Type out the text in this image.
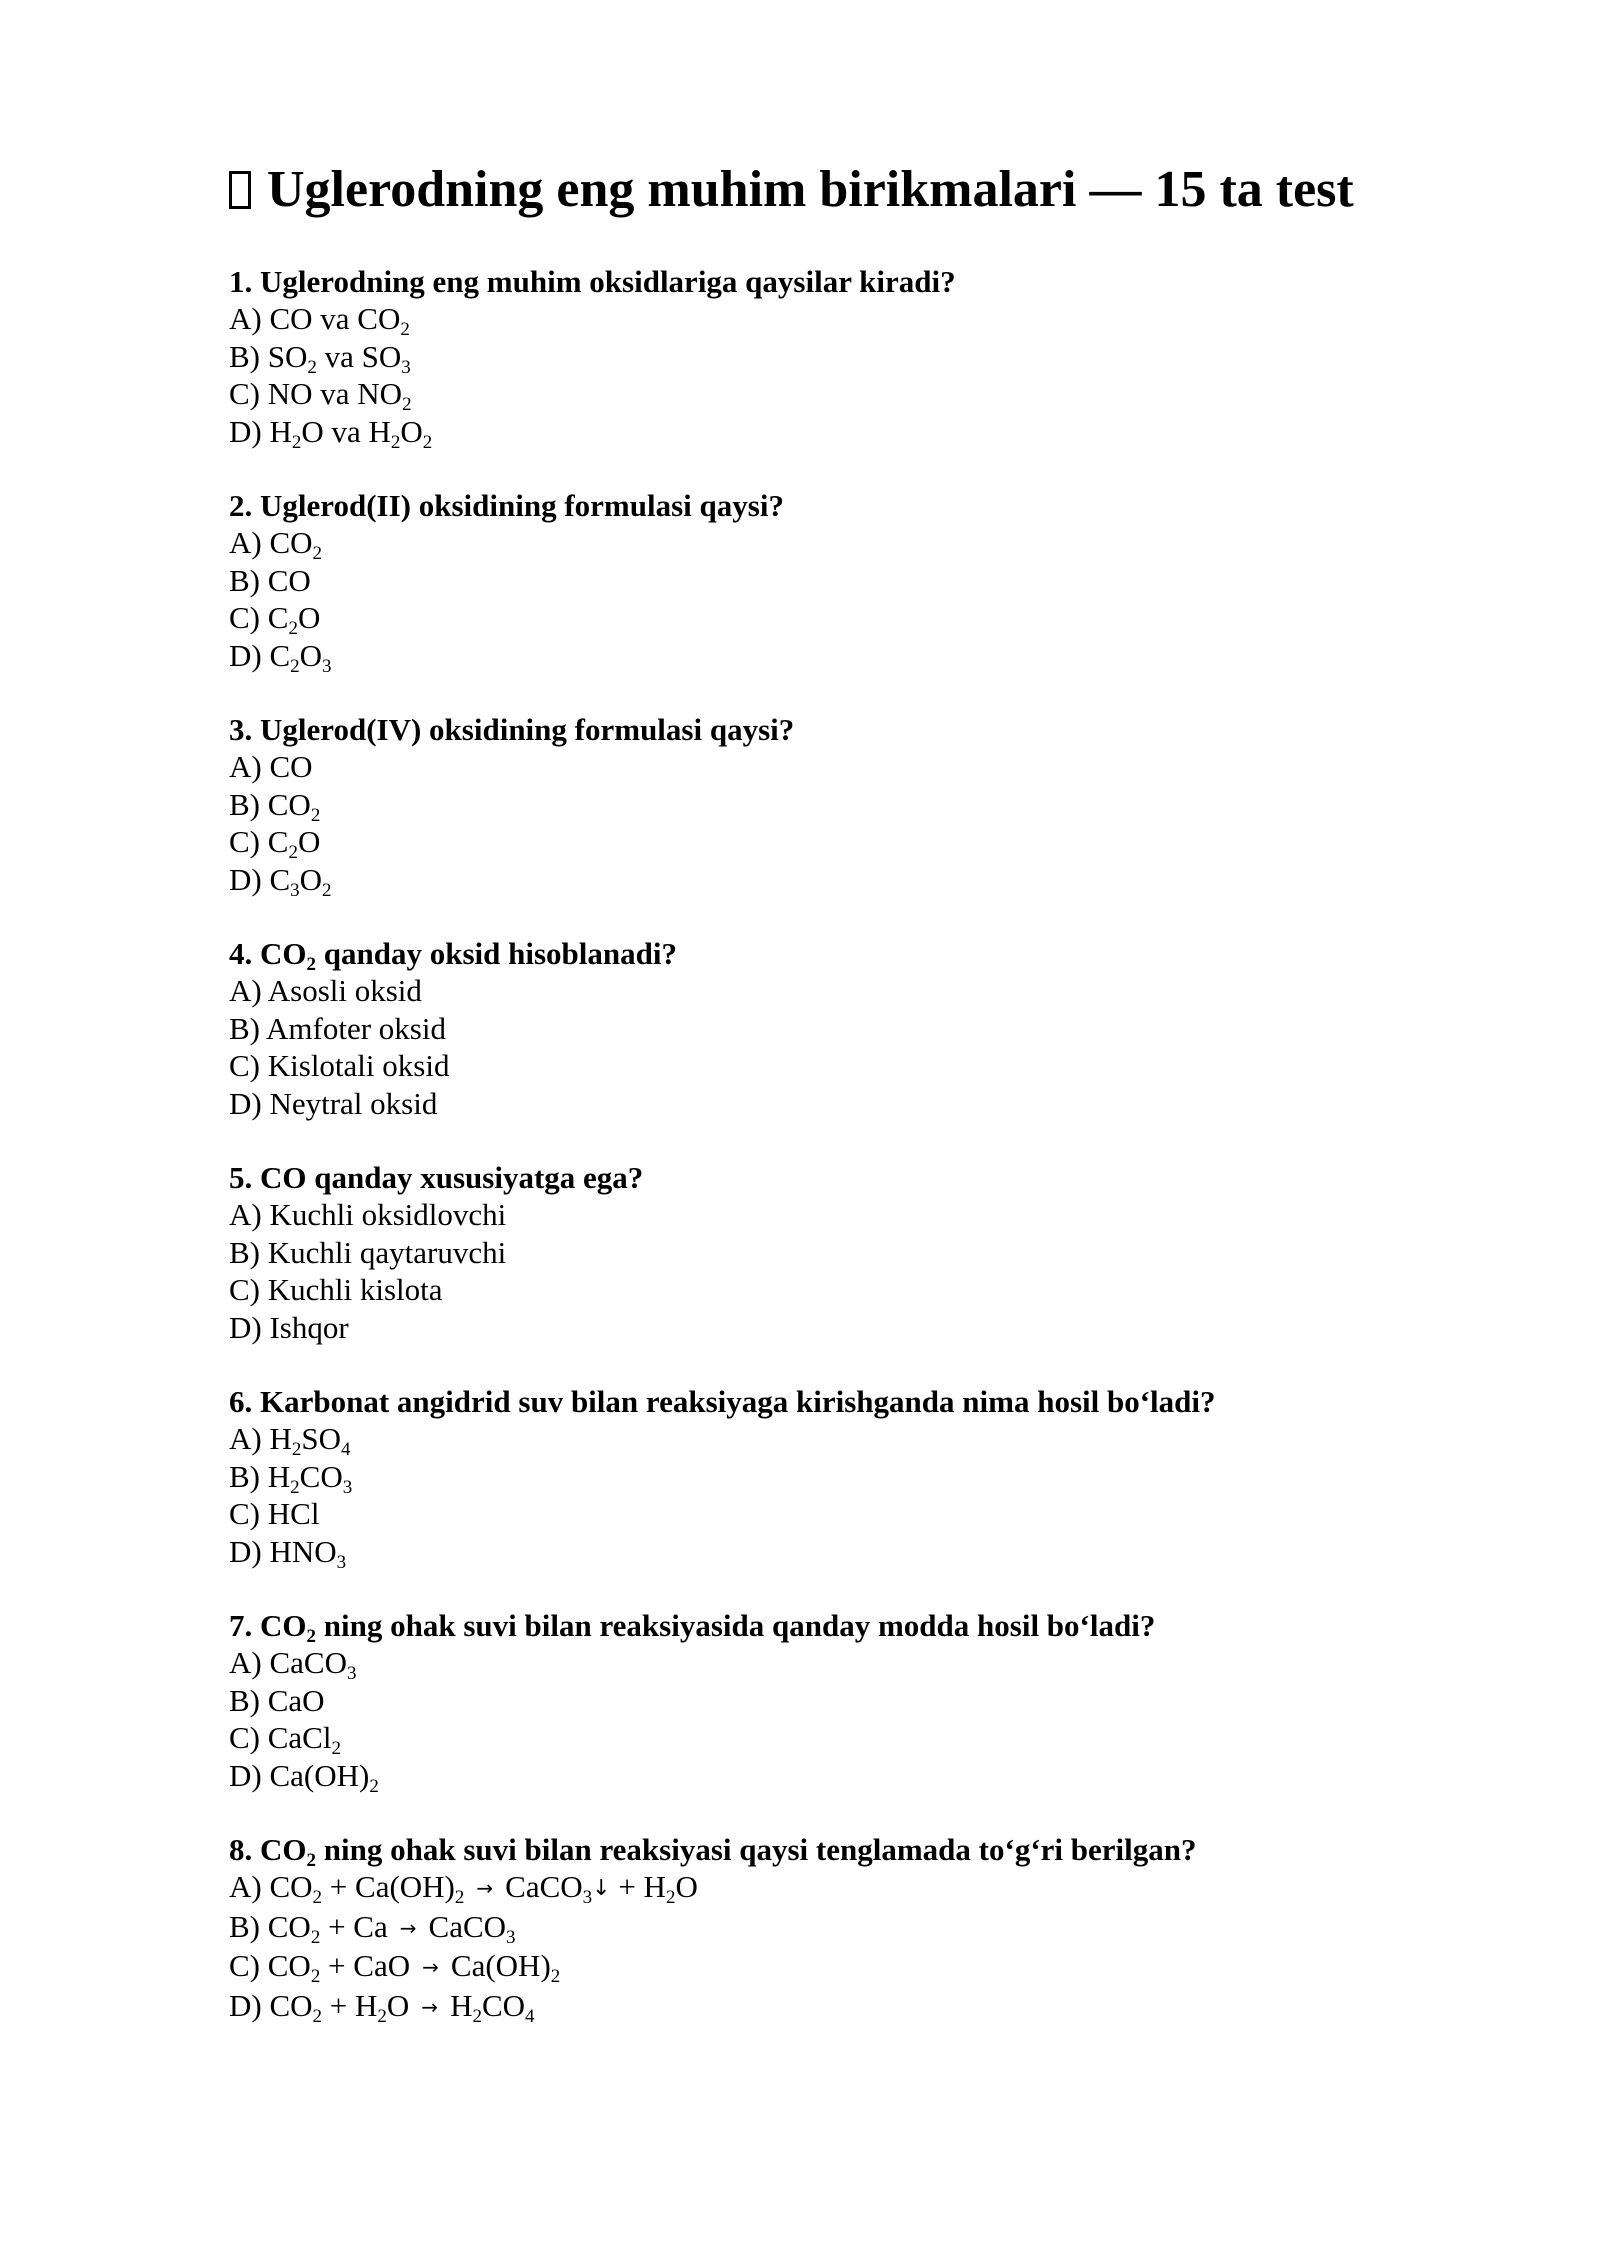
Uglerodning eng muhim birikmalari — 15 ta test
1. Uglerodning eng muhim oksidlariga qaysilar kiradi?
A) CO va $CO_2$
B) $SO_2$ va $SO_3$
C) NO va $NO_2$
D) $H_2O$ va $H_2O_2$
2. Uglerod(II) oksidining formulasi qaysi?
A) $CO_2$
B) CO
C) $C_2O$
D) $C_2O_3$
3. Uglerod(IV) oksidining formulasi qaysi?
A) CO
B) $CO_2$
C) $C_2O$
D) $C_3O_2$
4. $CO_2$ qanday oksid hisoblanadi?
A) Asosli oksid
B) Amfoter oksid
C) Kislotali oksid
D) Neytral oksid
5. CO qanday xususiyatga ega?
A) Kuchli oksidlovchi
B) Kuchli qaytaruvchi
C) Kuchli kislota
D) Ishqor
6. Karbonat angidrid suv bilan reaksiyaga kirishganda nima hosil bo‘ladi?
A) $H_2SO_4$
B) $H_2CO_3$
C) HCl
D) $HNO_3$
7. $CO_2$ ning ohak suvi bilan reaksiyasida qanday modda hosil bo‘ladi?
A) CaCO$_3$
B) CaO
C) CaCl$_2$
D) $Ca(OH)_2$
8. $CO_2$ ning ohak suvi bilan reaksiyasi qaysi tenglamada to‘g‘ri berilgan?
A) $CO_2 + Ca(OH)_2$ → CaCO$_3$↓ + $H_2O$
B) $CO_2 + Ca$ → CaCO$_3$
C) $CO_2$ + CaO → $Ca(OH)_2$
D) $CO_2 + H_2O \to H_2CO_4$
